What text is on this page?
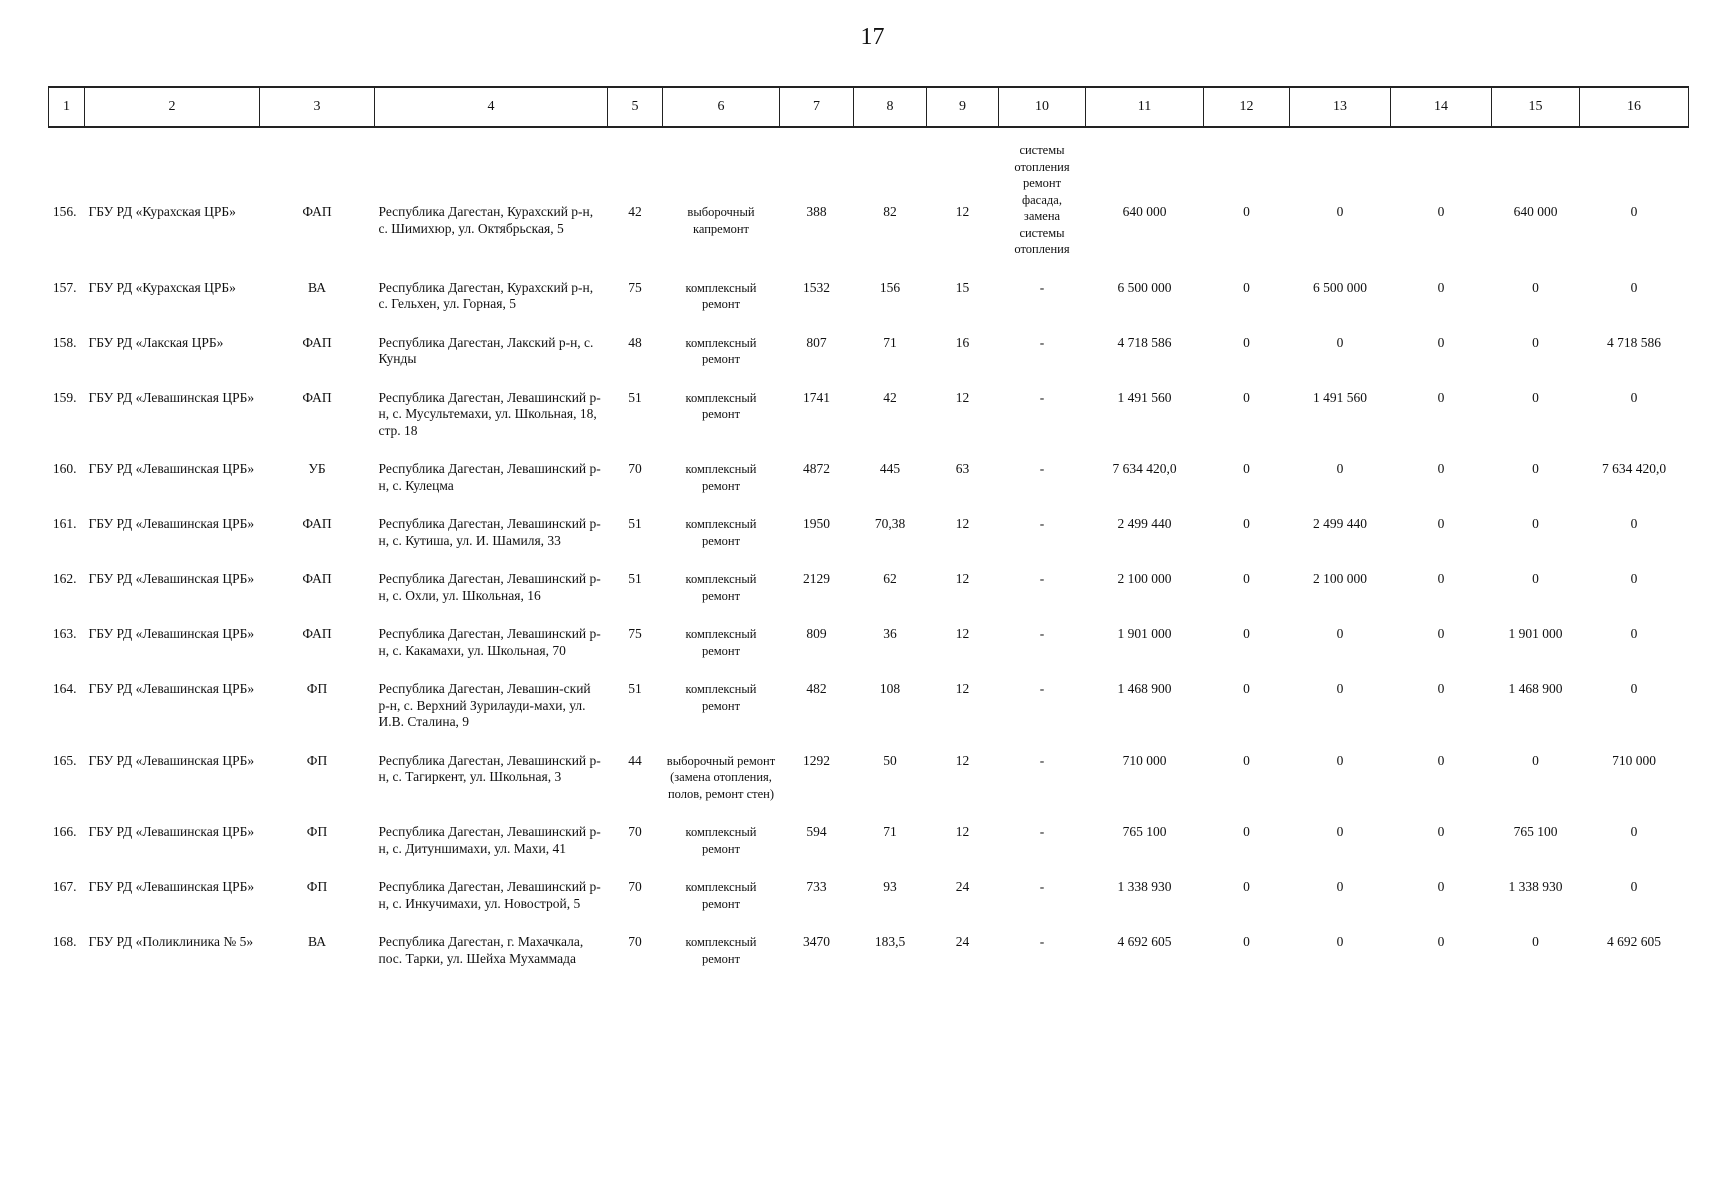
17
1	2	3	4	5	6	7	8	9	10	11	12	13	14	15	16

156.	ГБУ РД «Курахская ЦРБ»	ФАП	Республика Дагестан, Курахский р-н, с. Шимихюр, ул. Октябрьская, 5	42	выборочный капремонт	388	82	12	системы отопления ремонт фасада, замена системы отопления	640 000	0	0	0	640 000	0
157.	ГБУ РД «Курахская ЦРБ»	ВА	Республика Дагестан, Курахский р-н, с. Гельхен, ул. Горная, 5	75	комплексный ремонт	1532	156	15	-	6 500 000	0	6 500 000	0	0	0
158.	ГБУ РД «Лакская ЦРБ»	ФАП	Республика Дагестан, Лакский р-н, с. Кунды	48	комплексный ремонт	807	71	16	-	4 718 586	0	0	0	0	4 718 586
159.	ГБУ РД «Левашинская ЦРБ»	ФАП	Республика Дагестан, Левашинский р-н, с. Мусультемахи, ул. Школьная, 18, стр. 18	51	комплексный ремонт	1741	42	12	-	1 491 560	0	1 491 560	0	0	0
160.	ГБУ РД «Левашинская ЦРБ»	УБ	Республика Дагестан, Левашинский р-н, с. Кулецма	70	комплексный ремонт	4872	445	63	-	7 634 420,0	0	0	0	0	7 634 420,0
161.	ГБУ РД «Левашинская ЦРБ»	ФАП	Республика Дагестан, Левашинский р-н, с. Кутиша, ул. И. Шамиля, 33	51	комплексный ремонт	1950	70,38	12	-	2 499 440	0	2 499 440	0	0	0
162.	ГБУ РД «Левашинская ЦРБ»	ФАП	Республика Дагестан, Левашинский р-н, с. Охли, ул. Школьная, 16	51	комплексный ремонт	2129	62	12	-	2 100 000	0	2 100 000	0	0	0
163.	ГБУ РД «Левашинская ЦРБ»	ФАП	Республика Дагестан, Левашинский р-н, с. Какамахи, ул. Школьная, 70	75	комплексный ремонт	809	36	12	-	1 901 000	0	0	0	1 901 000	0
164.	ГБУ РД «Левашинская ЦРБ»	ФП	Республика Дагестан, Левашин-ский р-н, с. Верхний Зурилауди-махи, ул. И.В. Сталина, 9	51	комплексный ремонт	482	108	12	-	1 468 900	0	0	0	1 468 900	0
165.	ГБУ РД «Левашинская ЦРБ»	ФП	Республика Дагестан, Левашинский р-н, с. Тагиркент, ул. Школьная, 3	44	выборочный ремонт (замена отопления, полов, ремонт стен)	1292	50	12	-	710 000	0	0	0	0	710 000
166.	ГБУ РД «Левашинская ЦРБ»	ФП	Республика Дагестан, Левашинский р-н, с. Дитуншимахи, ул. Махи, 41	70	комплексный ремонт	594	71	12	-	765 100	0	0	0	765 100	0
167.	ГБУ РД «Левашинская ЦРБ»	ФП	Республика Дагестан, Левашинский р-н, с. Инкучимахи, ул. Новострой, 5	70	комплексный ремонт	733	93	24	-	1 338 930	0	0	0	1 338 930	0
168.	ГБУ РД «Поликлиника № 5»	ВА	Республика Дагестан, г. Махачкала, пос. Тарки, ул. Шейха Мухаммада	70	комплексный ремонт	3470	183,5	24	-	4 692 605	0	0	0	0	4 692 605
